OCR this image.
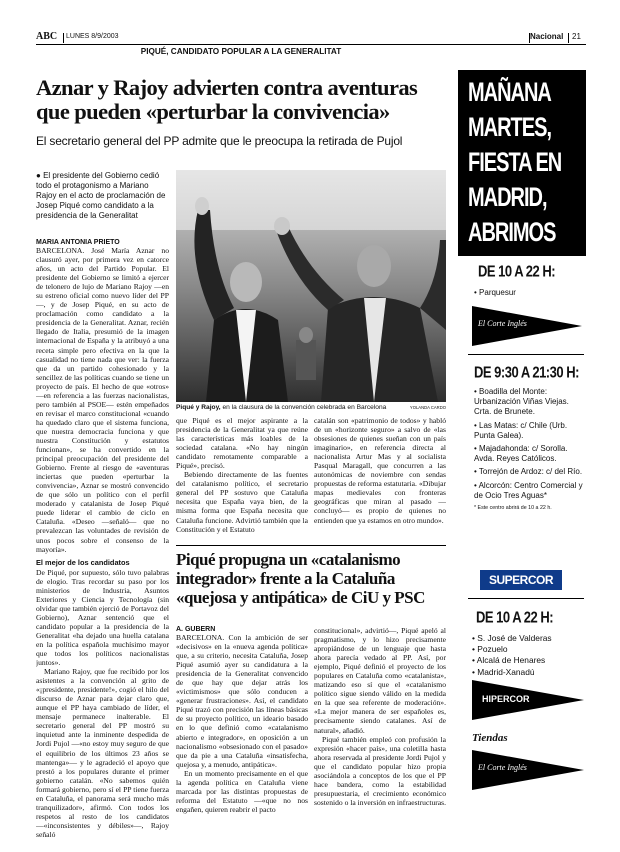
ABC LUNES 8/9/2003	Nacional 21
PIQUÉ, CANDIDATO POPULAR A LA GENERALITAT
Aznar y Rajoy advierten contra aventuras
que pueden «perturbar la convivencia»
El secretario general del PP admite que le preocupa la retirada de Pujol
● El presidente del Gobierno cedió todo el protagonismo a Mariano Rajoy en el acto de proclamación de Josep Piqué como candidato a la presidencia de la Generalitat
MARÍA ANTONIA PRIETO

BARCELONA. José María Aznar no clausuró ayer, por primera vez en catorce años, un acto del Partido Popular. El presidente del Gobierno se limitó a ejercer de telonero de lujo de Mariano Rajoy —en su estreno oficial como nuevo líder del PP—, y de Josep Piqué, en su acto de proclamación como candidato a la presidencia de la Generalitat. Aznar, recién llegado de Italia, presumió de la imagen internacional de España y la atribuyó a una receta simple pero efectiva en la que la casualidad no tiene nada que ver: la fuerza que da un partido cohesionado y la sencillez de las políticas cuando se tiene un proyecto de país. El hecho de que «otros» —en referencia a las fuerzas nacionalistas, pero también al PSOE— estén empeñados en revisar el marco constitucional «cuando ha quedado claro que el sistema funciona, que nuestra democracia funciona y que nuestra Constitución y estatutos funcionan», se ha convertido en la principal preocupación del presidente del Gobierno. Frente al riesgo de «aventuras inciertas que pueden «perturbar la convivencia», Aznar se mostró convencido de que sólo un político con el perfil moderado y catalanista de Josep Piqué puede liderar el cambio de ciclo en Cataluña. «Deseo —señaló— que no prevalezcan las voluntades de revisión de unos pocos sobre el consenso de la mayoría».

El mejor de los candidatos

De Piqué, por supuesto, sólo tuvo palabras de elogio. Tras recordar su paso por los ministerios de Industria, Asuntos Exteriores y Ciencia y Tecnología (sin olvidar que también ejerció de Portavoz del Gobierno), Aznar sentenció que el candidato popular a la presidencia de la Generalitat «ha dejado una huella catalana en la política española muchísimo mayor que todos los políticos nacionalistas juntos».

Mariano Rajoy, que fue recibido por los asistentes a la convención al grito de «¡presidente, presidente!», cogió el hilo del discurso de Aznar para dejar claro que, aunque el PP haya cambiado de líder, el mensaje permanece inalterable. El secretario general del PP mostró su inquietud ante la inminente despedida de Jordi Pujol —«no estoy muy seguro de que el equilibrio de los últimos 23 años se mantenga»— y le agradeció el apoyo que prestó a los populares durante el primer gobierno catalán. «No sabemos quién formará gobierno, pero sí el PP tiene fuerza en Cataluña, el panorama será mucho más tranquilizador», afirmó. Con todos los respetos al resto de los candidatos —«inconsistentes y débiles»—, Rajoy señaló

Piqué y Rajoy, en la clausura de la convención celebrada en Barcelona	YOLANDA CARDO

que Piqué es el mejor aspirante a la presidencia de la Generalitat ya que reúne las características más loables de la sociedad catalana. «No hay ningún candidato remotamente comparable a Piqué», precisó.

Bebiendo directamente de las fuentes del catalanismo político, el secretario general del PP sostuvo que Cataluña necesita que España vaya bien, de la misma forma que España necesita que Cataluña funcione. Advirtió también que la Constitución y el Estatuto

catalán son «patrimonio de todos» y habló de un «horizonte seguro» a salvo de «las obsesiones de quienes sueñan con un país imaginario», en referencia directa al nacionalista Artur Mas y al socialista Pasqual Maragall, que concurren a las autonómicas de noviembre con sendas propuestas de reforma estatutaria. «Dibujar mapas medievales con fronteras geográficas que miran al pasado —concluyó— es propio de quienes no entienden que ya estamos en otro mundo».

Piqué propugna un «catalanismo integrador» frente a la Cataluña «quejosa y antipática» de CiU y PSC
A. GUBERN

BARCELONA. Con la ambición de ser «decisivos» en la «nueva agenda política» que, a su criterio, necesita Cataluña, Josep Piqué asumió ayer su candidatura a la presidencia de la Generalitat convencido de que hay que dejar atrás los «victimismos» que sólo conducen a «generar frustraciones». Así, el candidato Piqué trazó con precisión las líneas básicas de su proyecto político, un ideario basado en lo que definió como «catalanismo abierto e integrador», en oposición a un nacionalismo «obsesionado con el pasado» que da pie a una Cataluña «insatisfecha, quejosa y, a menudo, antipática».

En un momento precisamente en el que la agenda política en Cataluña viene marcada por las distintas propuestas de reforma del Estatuto —«que no nos engañen, quieren reabrir el pacto

constitucional», advirtió—, Piqué apeló al pragmatismo, y lo hizo precisamente apropiándose de un lenguaje que hasta ahora parecía vedado al PP. Así, por ejemplo, Piqué definió el proyecto de los populares en Cataluña como «catalanista», matizando eso sí que el «catalanismo político sigue siendo válido en la medida en la que sea referente de moderación». «La mejor manera de ser españoles es, precisamente siendo catalanes. Así de natural», añadió.

Piqué también empleó con profusión la expresión «hacer país», una coletilla hasta ahora reservada al presidente Jordi Pujol y que el candidato popular hizo propia asociándola a conceptos de los que el PP hace bandera, como la estabilidad presupuestaria, el crecimiento económico sostenido o la inversión en infraestructuras.

MAÑANA
MARTES,
FIESTA EN
MADRID,
ABRIMOS
DE 10 A 22 H:
• Parquesur
El Corte Inglés
DE 9:30 A 21:30 H:
• Boadilla del Monte: Urbanización Viñas Viejas. Crta. de Brunete.
• Las Matas: c/ Chile (Urb. Punta Galea).
• Majadahonda: c/ Sorolla. Avda. Reyes Católicos.
• Torrejón de Ardoz: c/ del Río.
• Alcorcón: Centro Comercial y de Ocio Tres Aguas*
* Este centro abrirá de 10 a 22 h.
SUPERCOR
DE 10 A 22 H:
• S. José de Valderas
• Pozuelo
• Alcalá de Henares
• Madrid-Xanadú
HIPERCOR
Tiendas
El Corte Inglés
